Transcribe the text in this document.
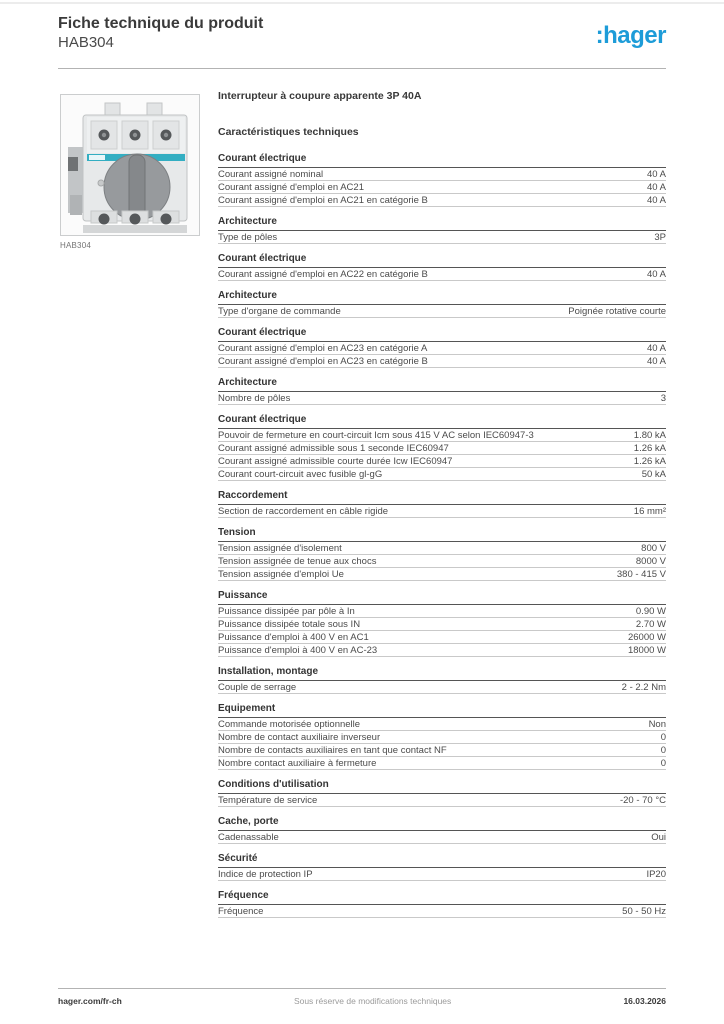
Fiche technique du produit
HAB304	:hager
HAB304
Interrupteur à coupure apparente 3P 40A
Caractéristiques techniques
Courant électrique
Courant assigné nominal	40 A
Courant assigné d'emploi en AC21	40 A
Courant assigné d'emploi en AC21 en catégorie B	40 A
Architecture
Type de pôles	3P
Courant électrique
Courant assigné d'emploi en AC22 en catégorie B	40 A
Architecture
Type d'organe de commande	Poignée rotative courte
Courant électrique
Courant assigné d'emploi en AC23 en catégorie A	40 A
Courant assigné d'emploi en AC23 en catégorie B	40 A
Architecture
Nombre de pôles	3
Courant électrique
Pouvoir de fermeture en court-circuit Icm sous 415 V AC selon IEC60947-3	1.80 kA
Courant assigné admissible sous 1 seconde IEC60947	1.26 kA
Courant assigné admissible courte durée Icw IEC60947	1.26 kA
Courant court-circuit avec fusible gl-gG	50 kA
Raccordement
Section de raccordement en câble rigide	16 mm²
Tension
Tension assignée d'isolement	800 V
Tension assignée de tenue aux chocs	8000 V
Tension assignée d'emploi Ue	380 - 415 V
Puissance
Puissance dissipée par pôle à In	0.90 W
Puissance dissipée totale sous IN	2.70 W
Puissance d'emploi à 400 V en AC1	26000 W
Puissance d'emploi à 400 V en AC-23	18000 W
Installation, montage
Couple de serrage	2 - 2.2 Nm
Equipement
Commande motorisée optionnelle	Non
Nombre de contact auxiliaire inverseur	0
Nombre de contacts auxiliaires en tant que contact NF	0
Nombre contact auxiliaire à fermeture	0
Conditions d'utilisation
Température de service	-20 - 70 °C
Cache, porte
Cadenassable	Oui
Sécurité
Indice de protection IP	IP20
Fréquence
Fréquence	50 - 50 Hz
hager.com/fr-ch	Sous réserve de modifications techniques	16.03.2026
